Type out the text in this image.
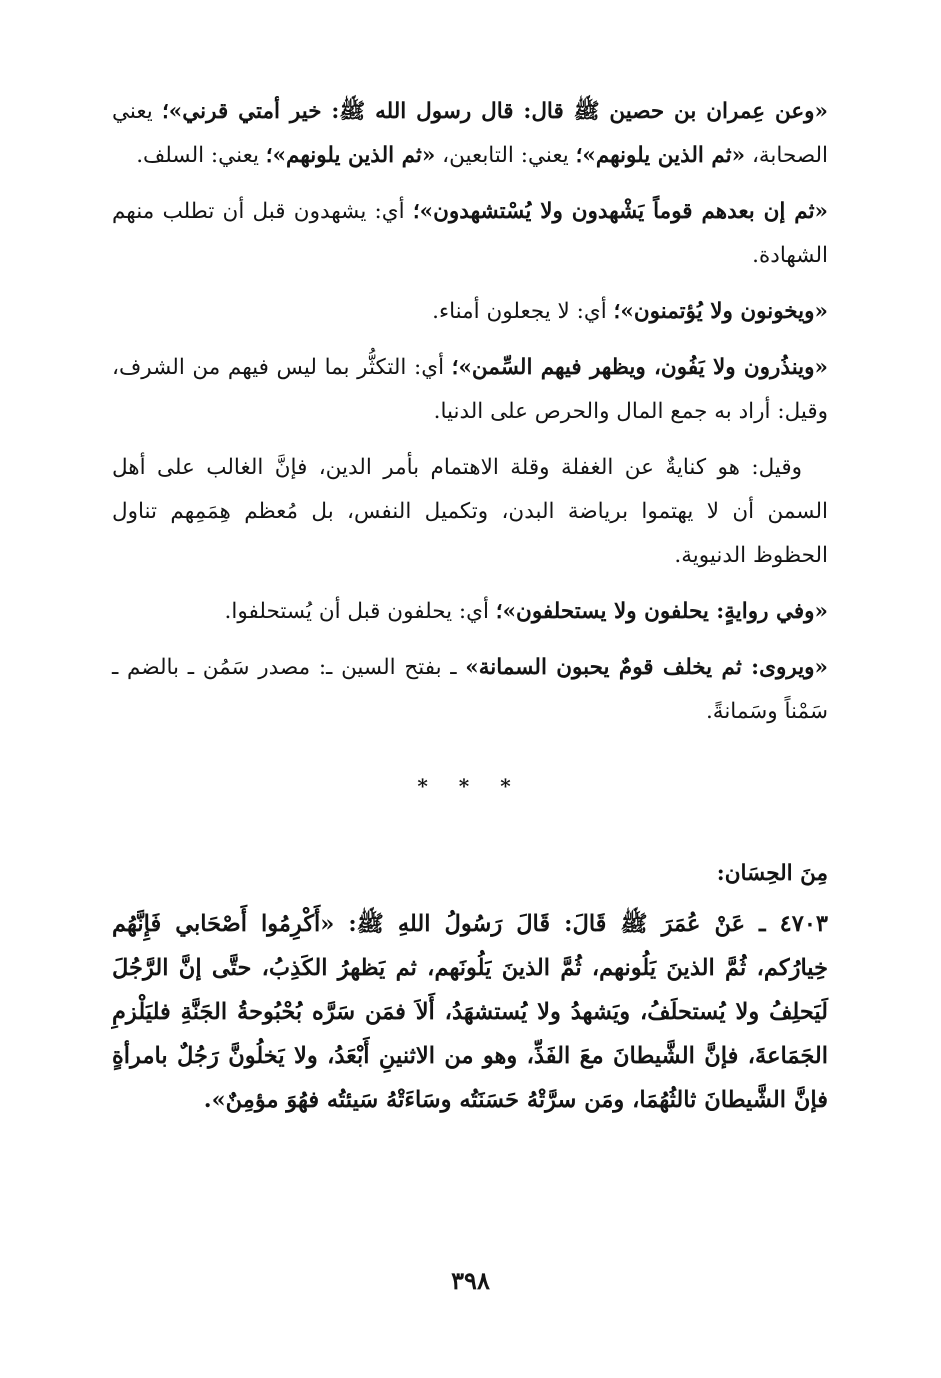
«وعن عِمران بن حصين ﷺ قال: قال رسول الله ﷺ: خير أمتي قرني»؛ يعني الصحابة، «ثم الذين يلونهم»؛ يعني: التابعين، «ثم الذين يلونهم»؛ يعني: السلف.

«ثم إن بعدهم قوماً يَشْهدون ولا يُسْتشهدون»؛ أي: يشهدون قبل أن تطلب منهم الشهادة.

«ويخونون ولا يُؤتمنون»؛ أي: لا يجعلون أمناء.

«وينذُرون ولا يَفُون، ويظهر فيهم السِّمن»؛ أي: التكثُّر بما ليس فيهم من الشرف، وقيل: أراد به جمع المال والحرص على الدنيا.

وقيل: هو كنايةٌ عن الغفلة وقلة الاهتمام بأمر الدين، فإنَّ الغالب على أهل السمن أن لا يهتموا برياضة البدن، وتكميل النفس، بل مُعظم هِمَمِهم تناول الحظوظ الدنيوية.

«وفي روايةٍ: يحلفون ولا يستحلفون»؛ أي: يحلفون قبل أن يُستحلفوا.

«ويروى: ثم يخلف قومٌ يحبون السمانة» ـ بفتح السين ـ: مصدر سَمُن ـ بالضم ـ سَمْناً وسَمانةً.

* * *

مِنَ الحِسَان:

٤٧٠٣ ـ عَنْ عُمَرَ ﷺ قَالَ: قَالَ رَسُولُ اللهِ ﷺ: «أَكْرِمُوا أَصْحَابي فَإِنَّهُم خِيارُكم، ثُمَّ الذينَ يَلُونهم، ثُمَّ الذينَ يَلُونَهم، ثم يَظهرُ الكَذِبُ، حتَّى إنَّ الرَّجُلَ لَيَحلِفُ ولا يُستحلَفُ، ويَشهدُ ولا يُستشهَدُ، أَلاَ فمَن سَرَّه بُحْبُوحةُ الجَنَّةِ فليَلْزمِ الجَمَاعةَ، فإنَّ الشَّيطانَ معَ الفَذِّ، وهو من الاثنينِ أَبْعَدُ، ولا يَخلُونَّ رَجُلٌ بامرأةٍ فإنَّ الشَّيطانَ ثالثُهُمَا، ومَن سرَّتْهُ حَسَنَتُه وسَاءَتْهُ سَيئتُه فهُوَ مؤمِنٌ».

٣٩٨
